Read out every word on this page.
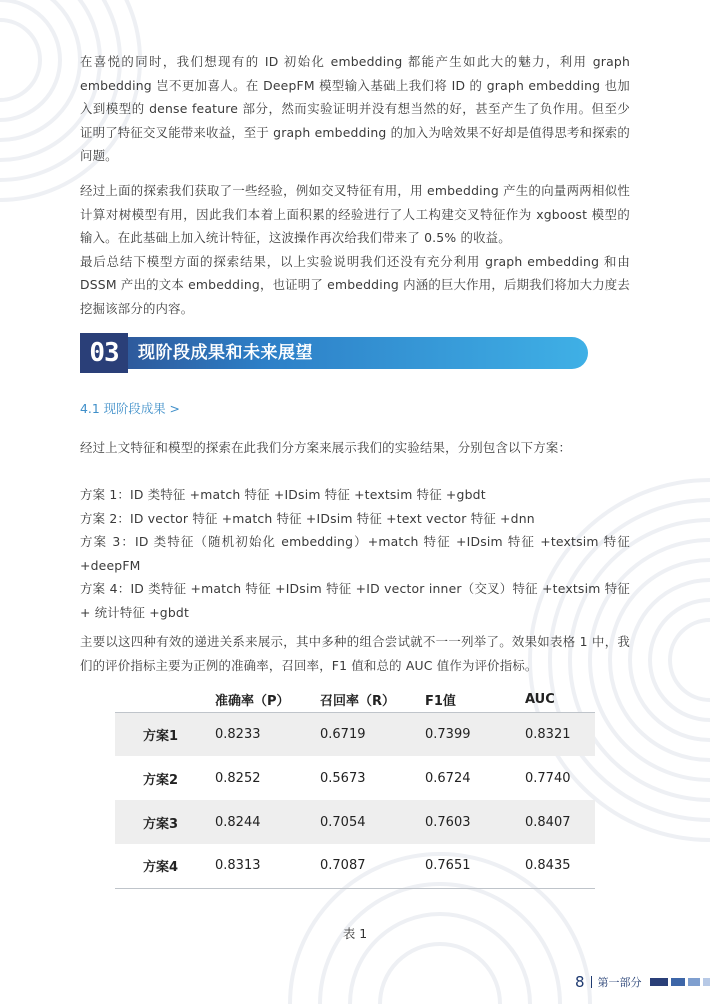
在喜悦的同时，我们想现有的 ID 初始化 embedding 都能产生如此大的魅力，利用 graph embedding 岂不更加喜人。在 DeepFM 模型输入基础上我们将 ID 的 graph embedding 也加入到模型的 dense feature 部分，然而实验证明并没有想当然的好，甚至产生了负作用。但至少证明了特征交叉能带来收益，至于 graph embedding 的加入为啥效果不好却是值得思考和探索的问题。

经过上面的探索我们获取了一些经验，例如交叉特征有用，用 embedding 产生的向量两两相似性计算对树模型有用，因此我们本着上面积累的经验进行了人工构建交叉特征作为 xgboost 模型的输入。在此基础上加入统计特征，这波操作再次给我们带来了 0.5% 的收益。

最后总结下模型方面的探索结果，以上实验说明我们还没有充分利用 graph embedding 和由 DSSM 产出的文本 embedding，也证明了 embedding 内涵的巨大作用，后期我们将加大力度去挖掘该部分的内容。

03	现阶段成果和未来展望
4.1 现阶段成果 >

经过上文特征和模型的探索在此我们分方案来展示我们的实验结果，分别包含以下方案：

方案 1：ID 类特征 +match 特征 +IDsim 特征 +textsim 特征 +gbdt

方案 2：ID vector 特征 +match 特征 +IDsim 特征 +text vector 特征 +dnn

方案 3：ID 类特征（随机初始化 embedding）+match 特征 +IDsim 特征 +textsim 特征 +deepFM

方案 4：ID 类特征 +match 特征 +IDsim 特征 +ID vector inner（交叉）特征 +textsim 特征 + 统计特征 +gbdt

主要以这四种有效的递进关系来展示，其中多种的组合尝试就不一一列举了。效果如表格 1 中，我们的评价指标主要为正例的准确率，召回率，F1 值和总的 AUC 值作为评价指标。

	准确率（P）	召回率（R）	F1值	AUC
方案1	0.8233	0.6719	0.7399	0.8321
方案2	0.8252	0.5673	0.6724	0.7740
方案3	0.8244	0.7054	0.7603	0.8407
方案4	0.8313	0.7087	0.7651	0.8435
表 1
8 第一部分
